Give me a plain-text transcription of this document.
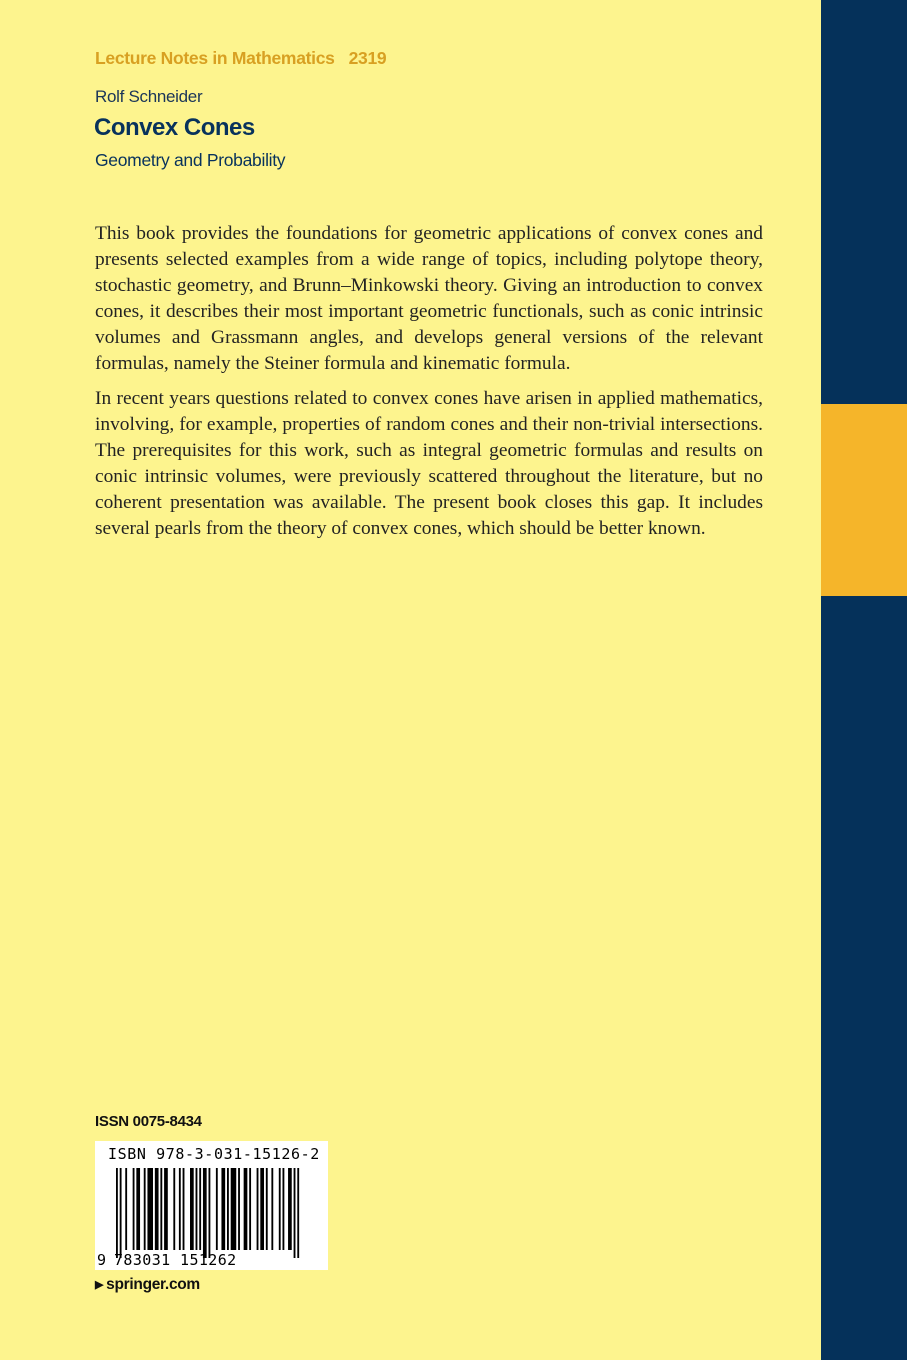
Lecture Notes in Mathematics 2319
Rolf Schneider
Convex Cones
Geometry and Probability

This book provides the foundations for geometric applications of convex cones and presents selected examples from a wide range of topics, including polytope theory, stochastic geometry, and Brunn–Minkowski theory. Giving an introduction to convex cones, it describes their most important geometric functionals, such as conic intrinsic volumes and Grassmann angles, and develops general versions of the relevant formulas, namely the Steiner formula and kinematic formula.

In recent years questions related to convex cones have arisen in applied mathematics, involving, for example, properties of random cones and their non-trivial intersections. The prerequisites for this work, such as integral geometric formulas and results on conic intrinsic volumes, were previously scattered throughout the literature, but no coherent presentation was available. The present book closes this gap. It includes several pearls from the theory of convex cones, which should be better known.

ISSN 0075-8434
ISBN 978-3-031-15126-2
9 783031 151262
▶ springer.com
